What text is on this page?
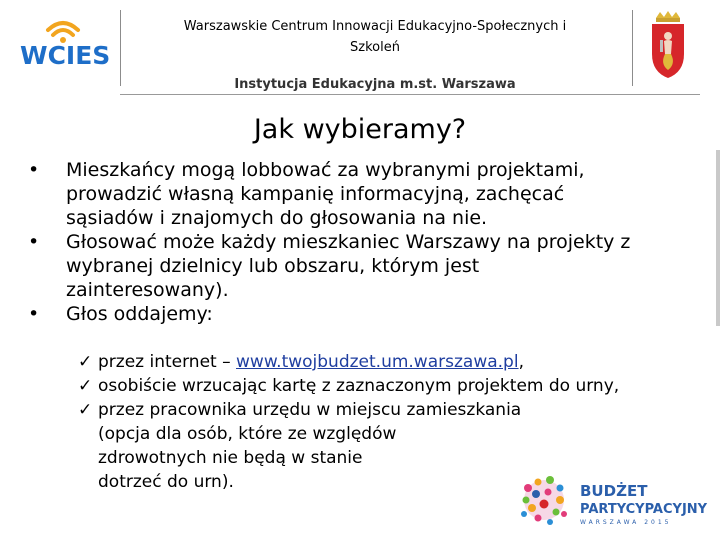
WCIES
Warszawskie Centrum Innowacji Edukacyjno-Społecznych i
Szkoleń
Instytucja Edukacyjna m.st. Warszawa
Jak wybieramy?
•	Mieszkańcy mogą lobbować za wybranymi projektami,
prowadzić własną kampanię informacyjną, zachęcać
sąsiadów i znajomych do głosowania na nie.
•	Głosować może każdy mieszkaniec Warszawy na projekty z
wybranej dzielnicy lub obszaru, którym jest
zainteresowany).
•	Głos oddajemy:
✓ przez internet – www.twojbudzet.um.warszawa.pl,
✓ osobiście wrzucając kartę z zaznaczonym projektem do urny,
✓ przez pracownika urzędu w miejscu zamieszkania
(opcja dla osób, które ze względów
zdrowotnych nie będą w stanie
dotrzeć do urn).	BUDŻET
PARTYCYPACYJNY
WARSZAWA 2015
